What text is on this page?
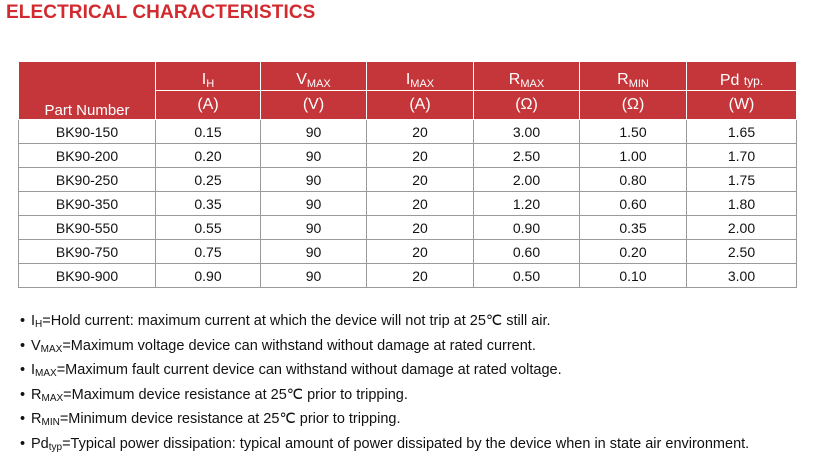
ELECTRICAL CHARACTERISTICS
Part Number	$I_H$	$V_{MAX}$	$I_{MAX}$	$R_{MAX}$	$R_{MIN}$	Pd typ.
	(A)	(V)	(A)	(Ω)	(Ω)	(W)
BK90-150	0.15	90	20	3.00	1.50	1.65
BK90-200	0.20	90	20	2.50	1.00	1.70
BK90-250	0.25	90	20	2.00	0.80	1.75
BK90-350	0.35	90	20	1.20	0.60	1.80
BK90-550	0.55	90	20	0.90	0.35	2.00
BK90-750	0.75	90	20	0.60	0.20	2.50
BK90-900	0.90	90	20	0.50	0.10	3.00
• $I_H=Hold$ current: maximum current at which the device will not trip at 25℃ still air.
• $V_{MAX}=Maximum$ voltage device can withstand without damage at rated current.
• $I_{MAX}=Maximum$ fault current device can withstand without damage at rated voltage.
• $R_{MAX}=Maximum$ device resistance at 25℃ prior to tripping.
• $R_{MIN}=Minimum$ device resistance at 25℃ prior to tripping.
• $Pd_{typ}=Typical$ power dissipation: typical amount of power dissipated by the device when in state air environment.
